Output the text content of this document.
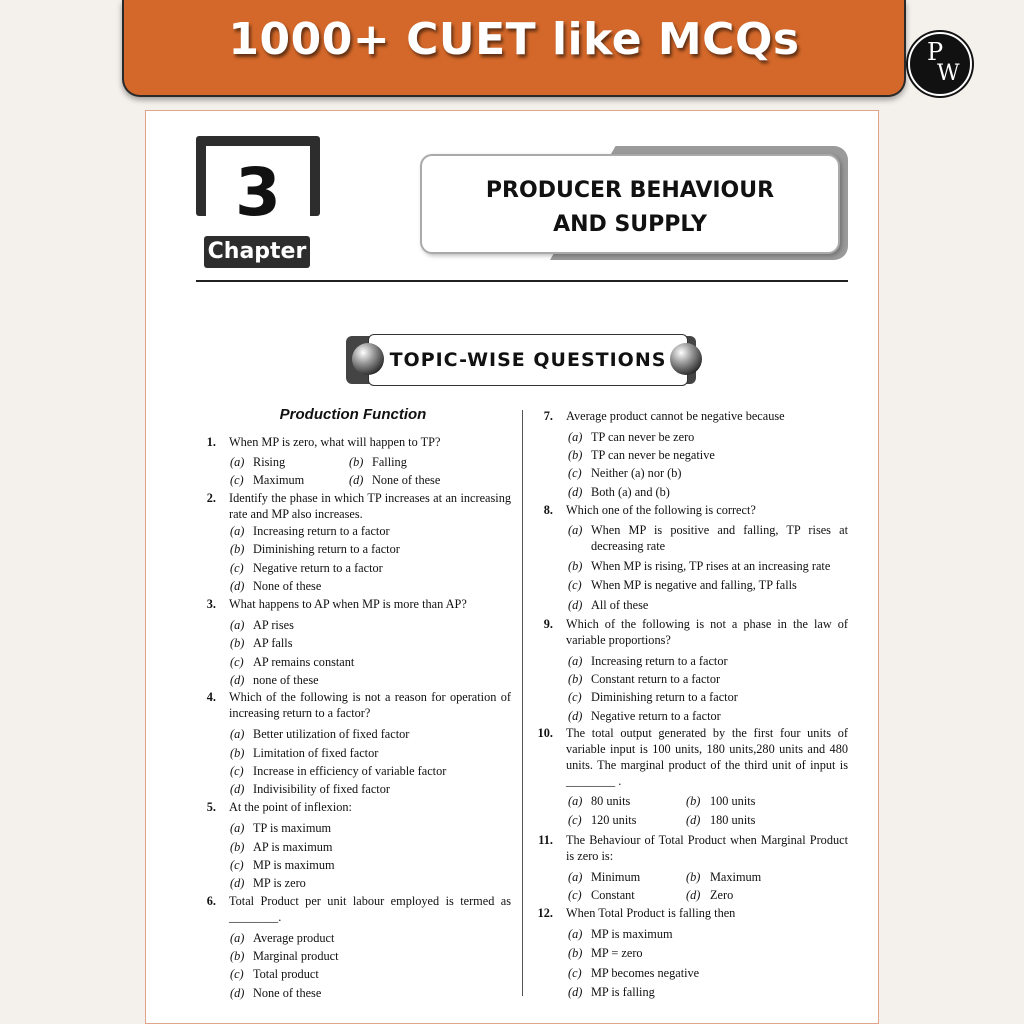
1000+ CUET like MCQs	P
W
3
Chapter
PRODUCER BEHAVIOUR
AND SUPPLY
TOPIC-WISE QUESTIONS
Production Function
1. When MP is zero, what will happen to TP?
(a) Rising	(b) Falling
(c) Maximum	(d) None of these
2. Identify the phase in which TP increases at an increasing rate and MP also increases.
(a) Increasing return to a factor
(b) Diminishing return to a factor
(c) Negative return to a factor
(d) None of these
3. What happens to AP when MP is more than AP?
(a) AP rises
(b) AP falls
(c) AP remains constant
(d) none of these
4. Which of the following is not a reason for operation of increasing return to a factor?
(a) Better utilization of fixed factor
(b) Limitation of fixed factor
(c) Increase in efficiency of variable factor
(d) Indivisibility of fixed factor
5. At the point of inflexion:
(a) TP is maximum
(b) AP is maximum
(c) MP is maximum
(d) MP is zero
6. Total Product per unit labour employed is termed as ________.
(a) Average product
(b) Marginal product
(c) Total product
(d) None of these
7. Average product cannot be negative because
(a) TP can never be zero
(b) TP can never be negative
(c) Neither (a) nor (b)
(d) Both (a) and (b)
8. Which one of the following is correct?
(a) When MP is positive and falling, TP rises at decreasing rate
(b) When MP is rising, TP rises at an increasing rate
(c) When MP is negative and falling, TP falls
(d) All of these
9. Which of the following is not a phase in the law of variable proportions?
(a) Increasing return to a factor
(b) Constant return to a factor
(c) Diminishing return to a factor
(d) Negative return to a factor
10. The total output generated by the first four units of variable input is 100 units, 180 units,280 units and 480 units. The marginal product of the third unit of input is ________ .
(a) 80 units	(b) 100 units
(c) 120 units	(d) 180 units
11. The Behaviour of Total Product when Marginal Product is zero is:
(a) Minimum	(b) Maximum
(c) Constant	(d) Zero
12. When Total Product is falling then
(a) MP is maximum
(b) MP = zero
(c) MP becomes negative
(d) MP is falling
